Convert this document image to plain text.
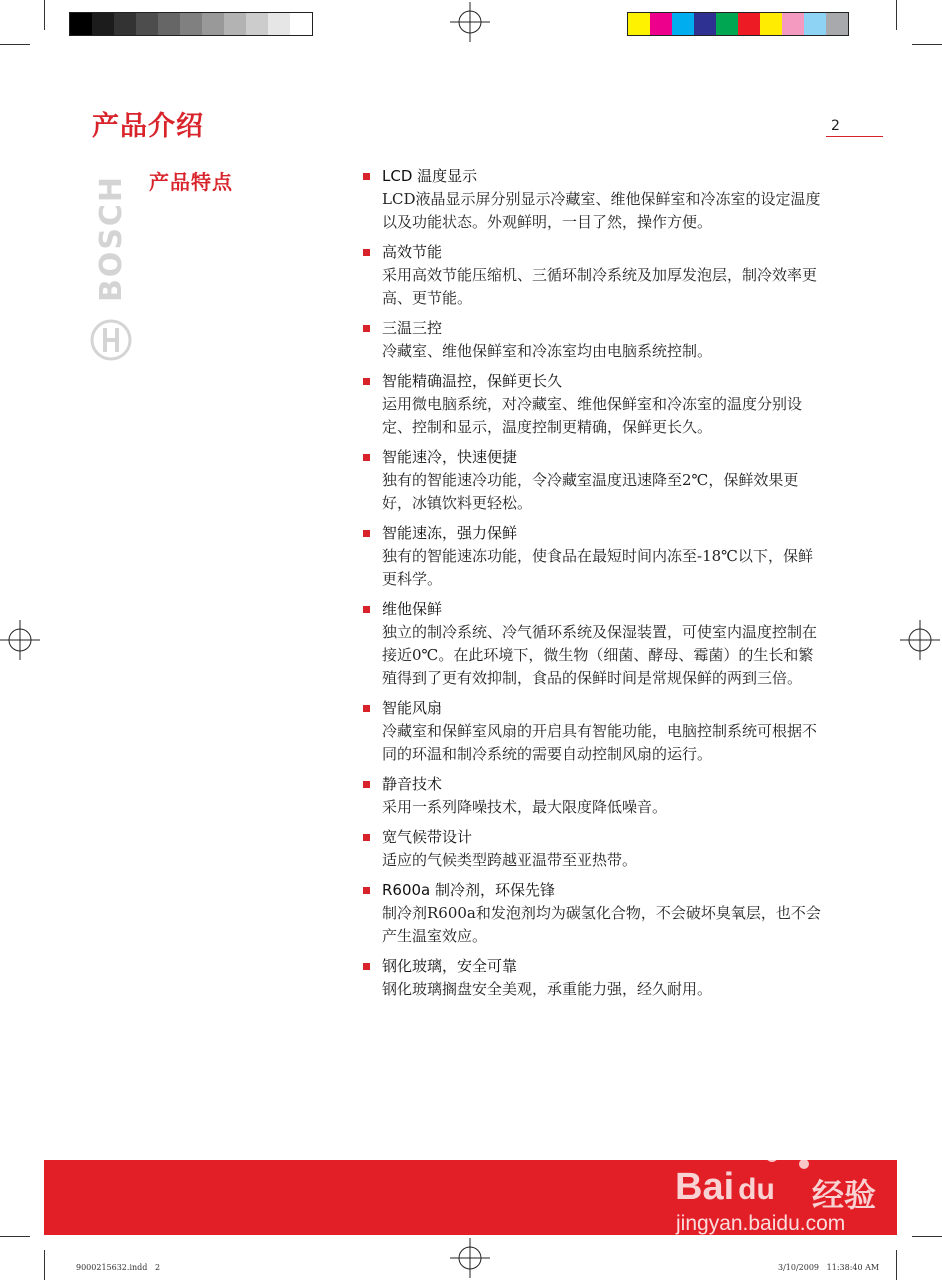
产品介绍	2
BOSCH 产品特点	LCD 温度显示
LCD液晶显示屏分别显示冷藏室、维他保鲜室和冷冻室的设定温度以及功能状态。外观鲜明，一目了然，操作方便。
高效节能
采用高效节能压缩机、三循环制冷系统及加厚发泡层，制冷效率更高、更节能。
三温三控
冷藏室、维他保鲜室和冷冻室均由电脑系统控制。
智能精确温控，保鲜更长久
运用微电脑系统，对冷藏室、维他保鲜室和冷冻室的温度分别设定、控制和显示，温度控制更精确，保鲜更长久。
智能速冷，快速便捷
独有的智能速冷功能，令冷藏室温度迅速降至2℃，保鲜效果更好，冰镇饮料更轻松。
智能速冻，强力保鲜
独有的智能速冻功能，使食品在最短时间内冻至-18℃以下，保鲜更科学。
维他保鲜
独立的制冷系统、冷气循环系统及保湿装置，可使室内温度控制在接近0℃。在此环境下，微生物（细菌、酵母、霉菌）的生长和繁殖得到了更有效抑制，食品的保鲜时间是常规保鲜的两到三倍。
智能风扇
冷藏室和保鲜室风扇的开启具有智能功能，电脑控制系统可根据不同的环温和制冷系统的需要自动控制风扇的运行。
静音技术
采用一系列降噪技术，最大限度降低噪音。
宽气候带设计
适应的气候类型跨越亚温带至亚热带。
R600a 制冷剂，环保先锋
制冷剂R600a和发泡剂均为碳氢化合物，不会破坏臭氧层，也不会产生温室效应。
钢化玻璃，安全可靠
钢化玻璃搁盘安全美观，承重能力强，经久耐用。
Bai du 经验
jingyan.baidu.com
9000215632.indd   2	3/10/2009   11:38:40 AM
